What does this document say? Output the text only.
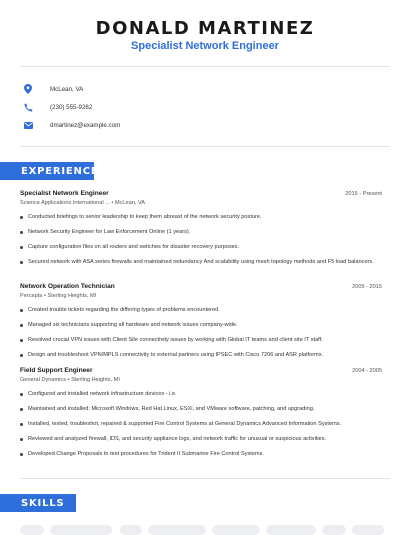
DONALD MARTINEZ
Specialist Network Engineer
McLean, VA
(230) 555-9262
dmartinez@example.com
EXPERIENCE
Specialist Network Engineer	2015 - Present
Science Applications International ... • McLean, VA
Conducted briefings to senior leadership to keep them abreast of the network security posture.
Network Security Engineer for Law Enforcement Online (1 years).
Capture configuration files on all routers and switches for disaster recovery purposes.
Secured network with ASA series firewalls and maintained redundancy And scalability using mesh topology methods and F5 load balancers.
Network Operation Technician	2005 - 2015
Percepta • Sterling Heights, MI
Created trouble tickets regarding the differing types of problems encountered.
Managed six technicians supporting all hardware and network issues company-wide.
Resolved crucial VPN issues with Client Site connectivity issues by working with Global IT teams and client site IT staff.
Design and troubleshoot VPN/MPLS connectivity to external partners using IPSEC with Cisco 7206 and ASR platforms.
Field Support Engineer	2004 - 2005
General Dynamics • Sterling Heights, MI
Configured and installed network infrastructure devices - i.e.
Maintained and installed; Microsoft Windows, Red Hat Linux, ESXi, and VMware software, patching, and upgrading.
Installed, tested, troubleshot, repaired & supported Fire Control Systems at General Dynamics Advanced Information Systems.
Reviewed and analyzed firewall, IDS, and security appliance logs, and network traffic for unusual or suspicious activities.
Developed Change Proposals to test procedures for Trident II Submarine Fire Control Systems.
SKILLS
